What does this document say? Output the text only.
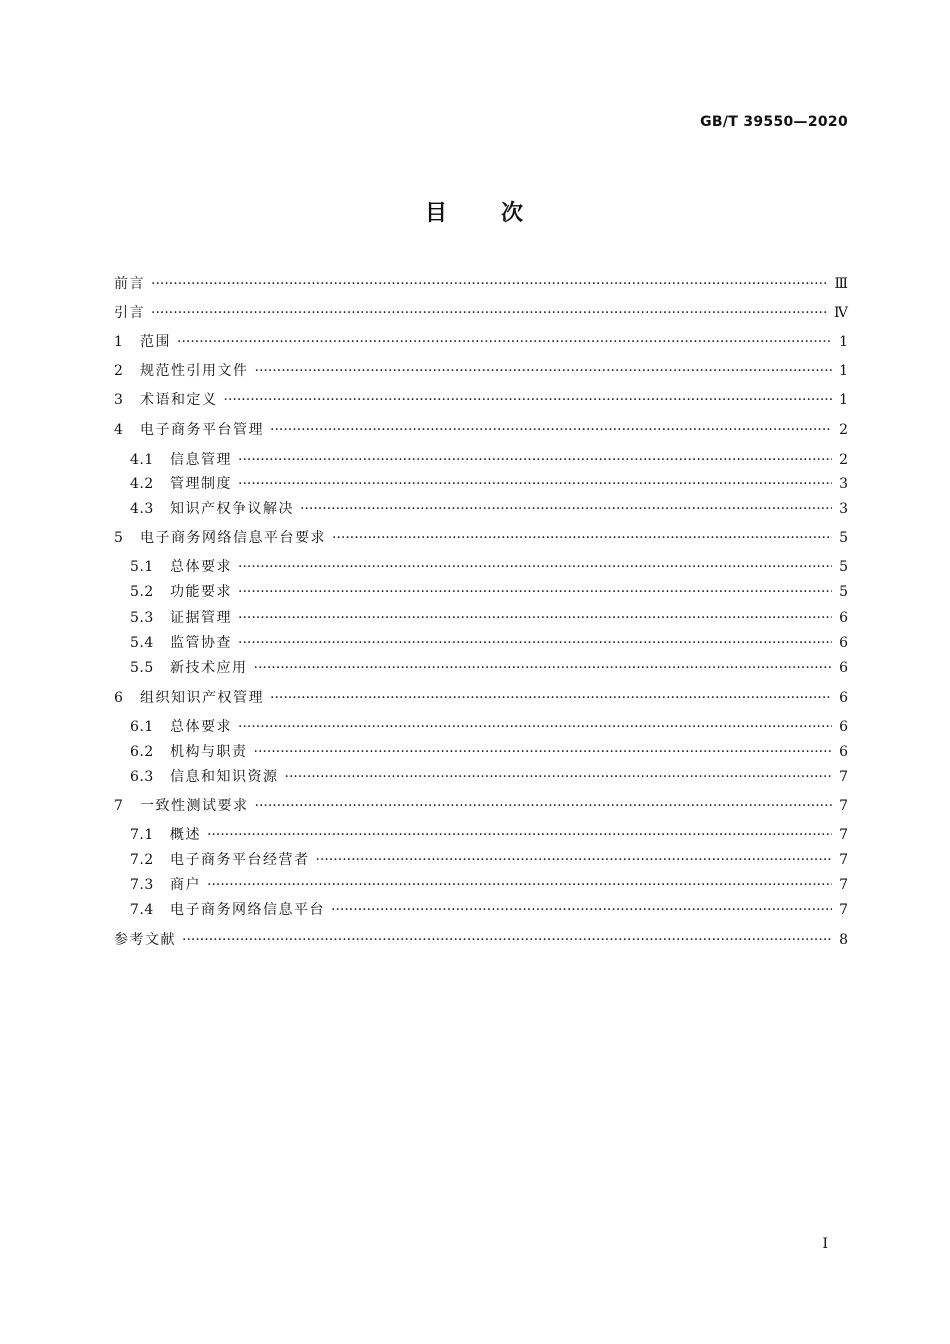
GB/T 39550—2020
目 次
前言 ·····	Ⅲ
引言 ·····	Ⅳ
1	范围 ·····	1
2	规范性引用文件 ·····	1
3	术语和定义 ·····	1
4	电子商务平台管理 ·····	2
4.1	信息管理 ·····	2
4.2	管理制度 ·····	3
4.3	知识产权争议解决 ·····	3
5	电子商务网络信息平台要求 ·····	5
5.1	总体要求 ·····	5
5.2	功能要求 ·····	5
5.3	证据管理 ·····	6
5.4	监管协查 ·····	6
5.5	新技术应用 ·····	6
6	组织知识产权管理 ·····	6
6.1	总体要求 ·····	6
6.2	机构与职责 ·····	6
6.3	信息和知识资源 ·····	7
7	一致性测试要求 ·····	7
7.1	概述 ·····	7
7.2	电子商务平台经营者 ·····	7
7.3	商户 ·····	7
7.4	电子商务网络信息平台 ·····	7
参考文献 ·····	8
I
